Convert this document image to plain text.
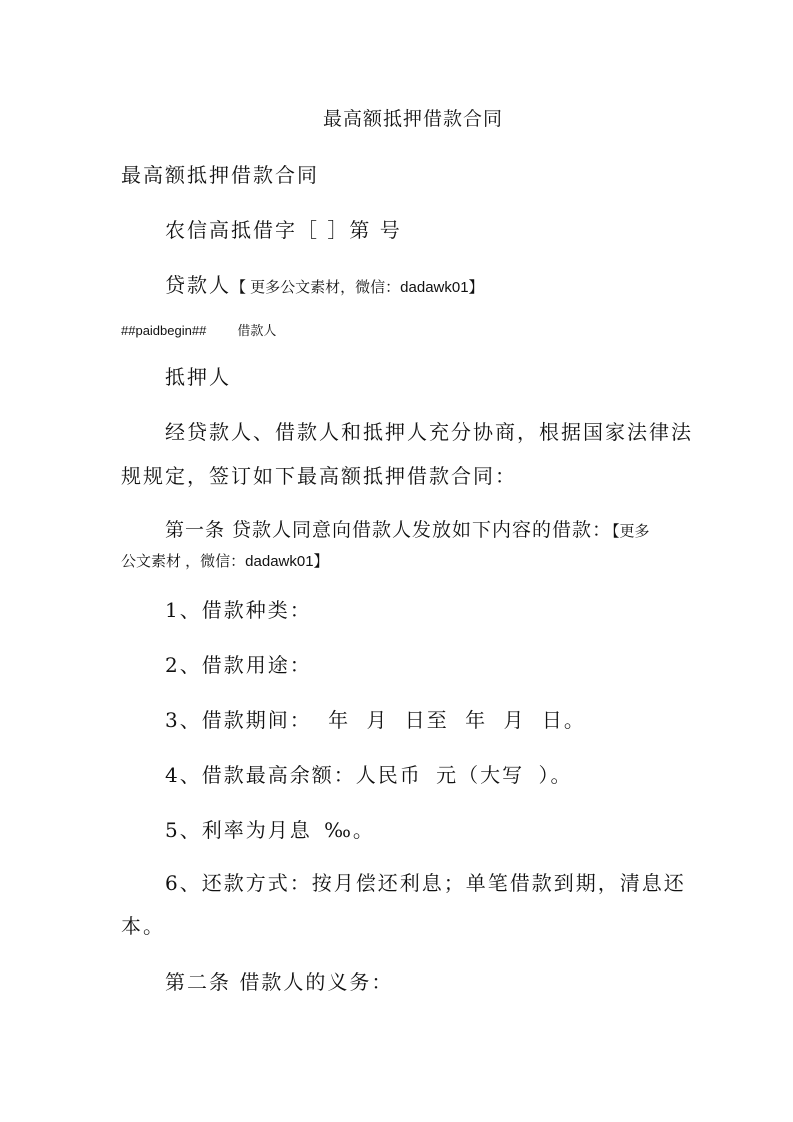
最高额抵押借款合同
最高额抵押借款合同
农信高抵借字［ ］第 号
贷款人【 更多公文素材，微信：dadawk01】
##paidbegin## 借款人
抵押人
经贷款人、借款人和抵押人充分协商，根据国家法律法
规规定，签订如下最高额抵押借款合同：
第一条 贷款人同意向借款人发放如下内容的借款：【更多
公文素材 ，微信：dadawk01】
1、借款种类：
2、借款用途：
3、借款期间： 年 月 日至 年 月 日。
4、借款最高余额：人民币 元（大写 ）。
5、利率为月息 ‰。
6、还款方式：按月偿还利息；单笔借款到期，清息还
本。
第二条 借款人的义务：
